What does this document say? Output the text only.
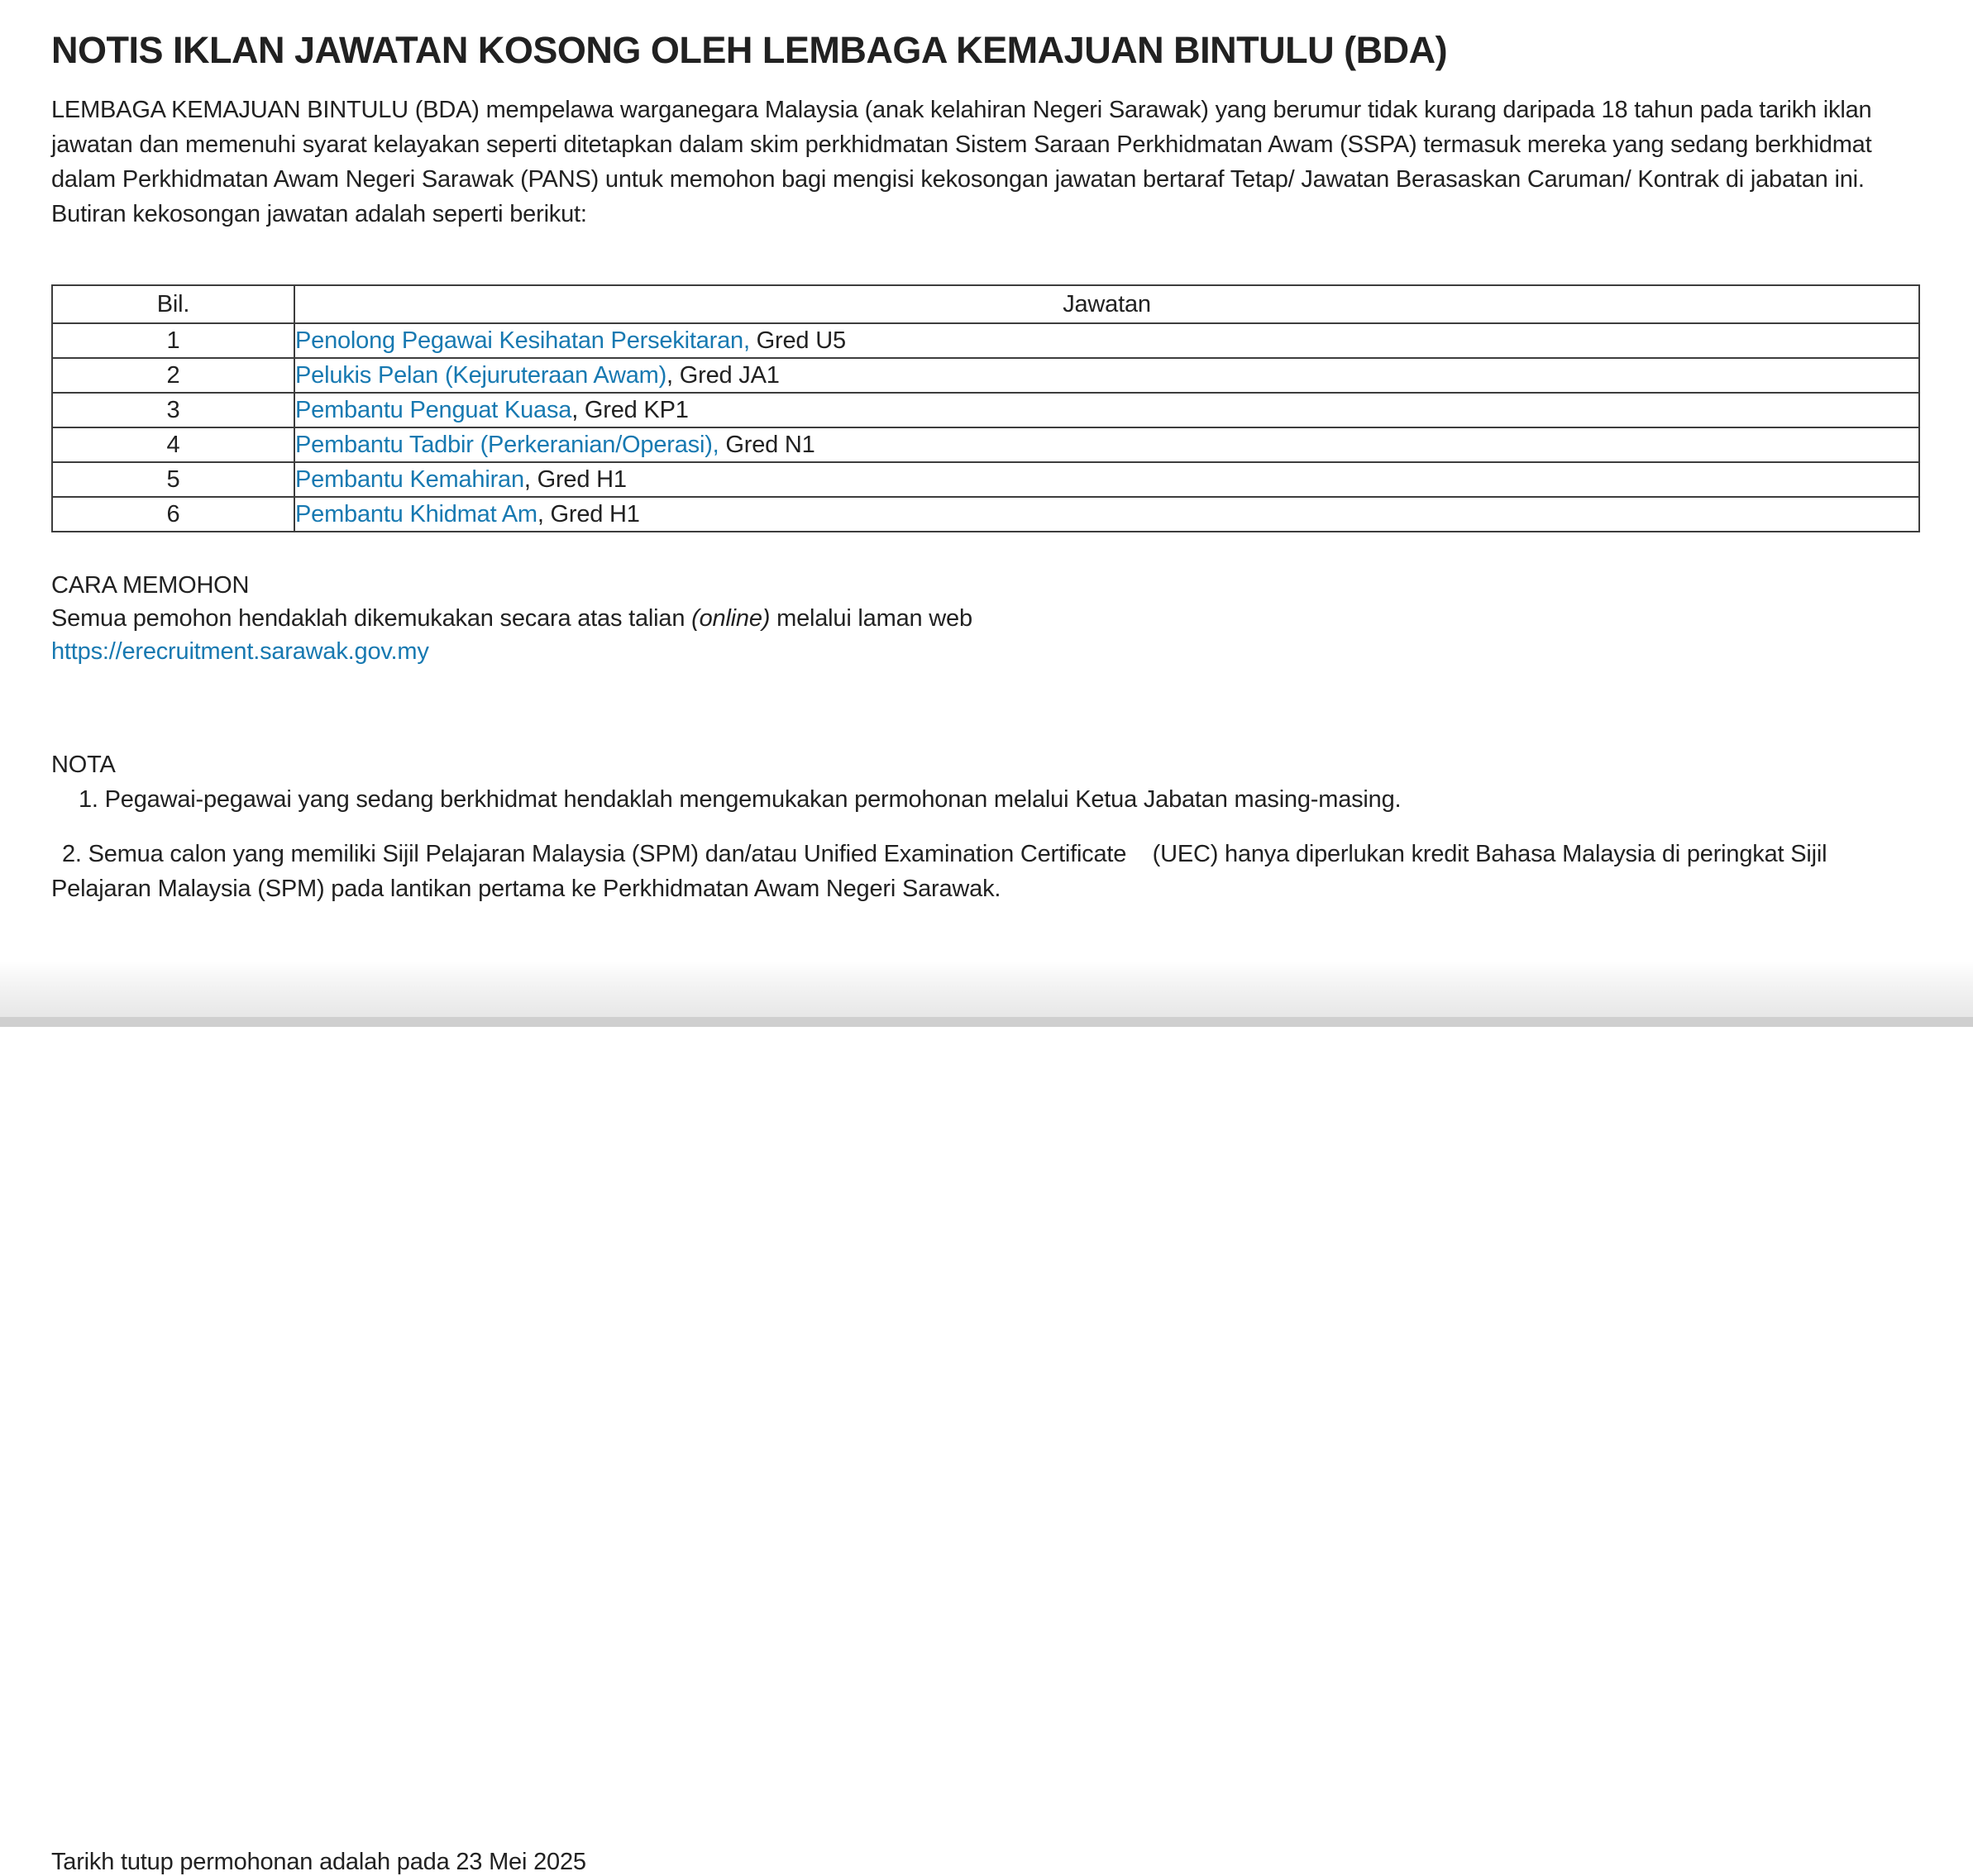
NOTIS IKLAN JAWATAN KOSONG OLEH LEMBAGA KEMAJUAN BINTULU (BDA)

LEMBAGA KEMAJUAN BINTULU (BDA) mempelawa warganegara Malaysia (anak kelahiran Negeri Sarawak) yang berumur tidak kurang daripada 18 tahun pada tarikh iklan jawatan dan memenuhi syarat kelayakan seperti ditetapkan dalam skim perkhidmatan Sistem Saraan Perkhidmatan Awam (SSPA) termasuk mereka yang sedang berkhidmat dalam Perkhidmatan Awam Negeri Sarawak (PANS) untuk memohon bagi mengisi kekosongan jawatan bertaraf Tetap/ Jawatan Berasaskan Caruman/ Kontrak di jabatan ini. Butiran kekosongan jawatan adalah seperti berikut:

Bil.	Jawatan
1	Penolong Pegawai Kesihatan Persekitaran, Gred U5
2	Pelukis Pelan (Kejuruteraan Awam), Gred JA1
3	Pembantu Penguat Kuasa, Gred KP1
4	Pembantu Tadbir (Perkeranian/Operasi), Gred N1
5	Pembantu Kemahiran, Gred H1
6	Pembantu Khidmat Am, Gred H1
CARA MEMOHON
Semua pemohon hendaklah dikemukakan secara atas talian (online) melalui laman web
https://erecruitment.sarawak.gov.my

NOTA

1. Pegawai-pegawai yang sedang berkhidmat hendaklah mengemukakan permohonan melalui Ketua Jabatan masing-masing.

2. Semua calon yang memiliki Sijil Pelajaran Malaysia (SPM) dan/atau Unified Examination Certificate    (UEC) hanya diperlukan kredit Bahasa Malaysia di peringkat Sijil Pelajaran Malaysia (SPM) pada lantikan pertama ke Perkhidmatan Awam Negeri Sarawak.

Tarikh tutup permohonan adalah pada 23 Mei 2025
